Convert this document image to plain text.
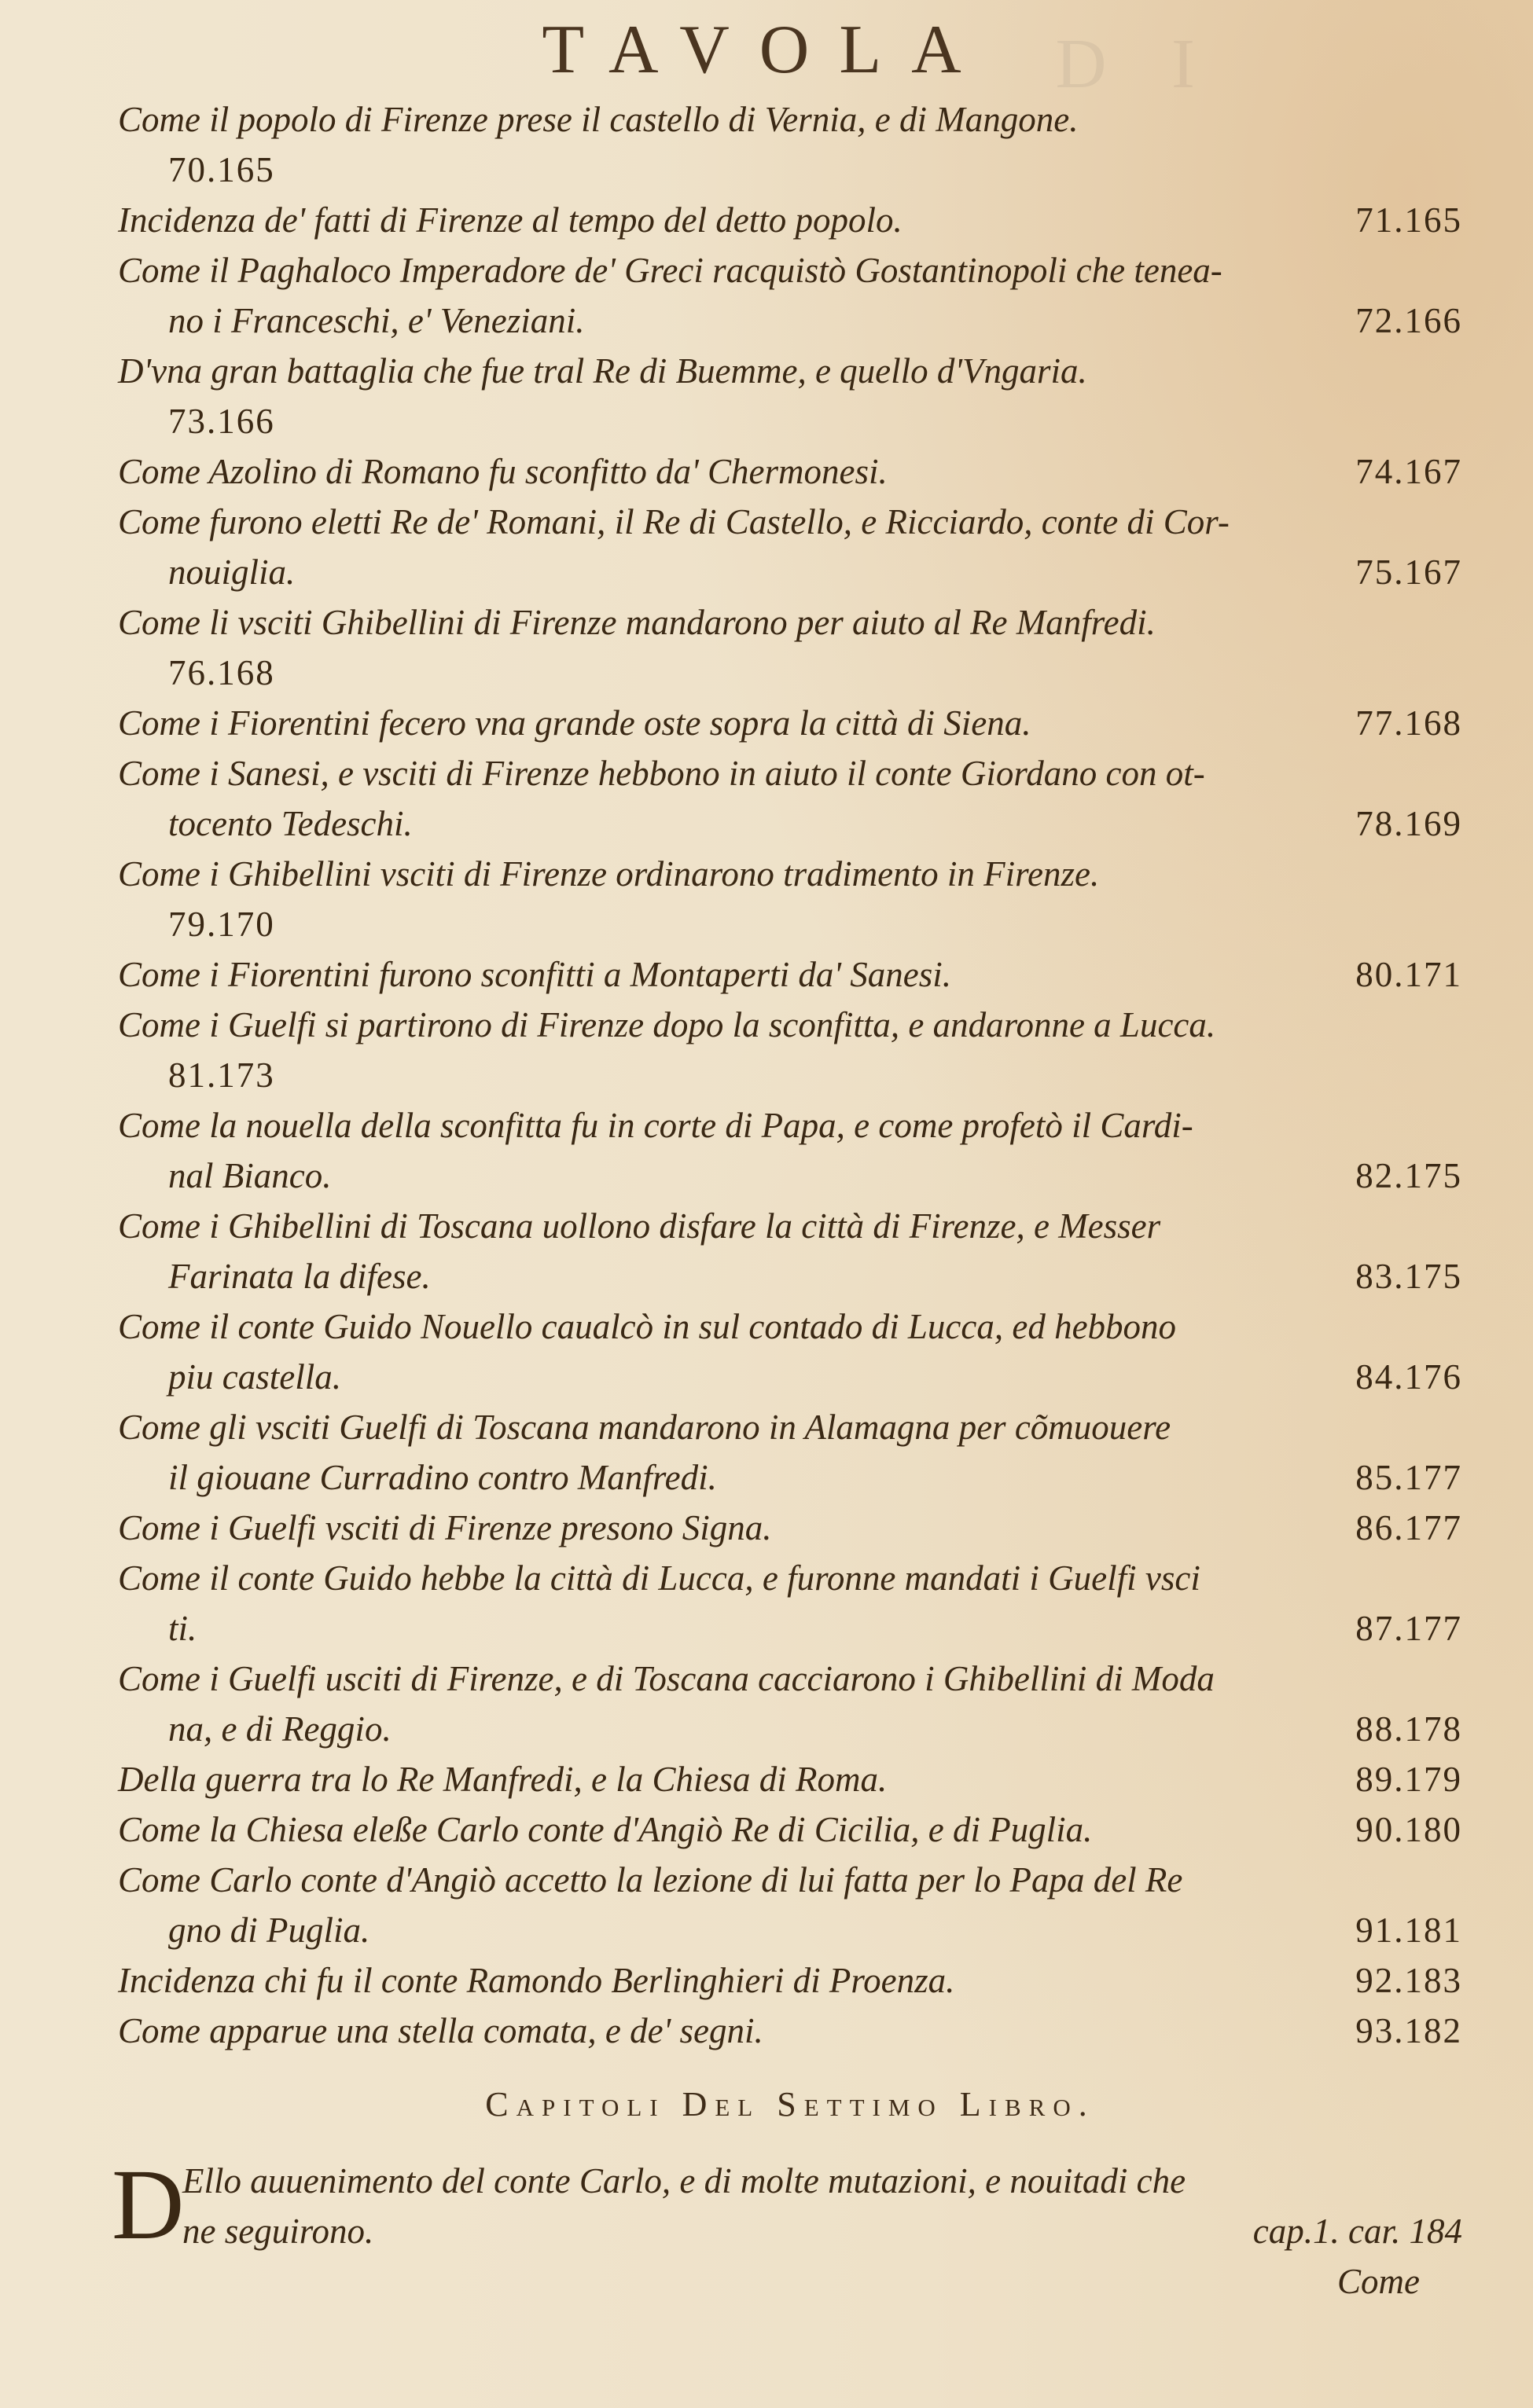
D I
TAVOLA
Come il popolo di Firenze prese il castello di Vernia, e di Mangone.
70.165
Incidenza de' fatti di Firenze al tempo del detto popolo.	71.165
Come il Paghaloco Imperadore de' Greci racquistò Gostantinopoli che tenea-
no i Franceschi, e' Veneziani.	72.166
D'vna gran battaglia che fue tral Re di Buemme, e quello d'Vngaria.
73.166
Come Azolino di Romano fu sconfitto da' Chermonesi.	74.167
Come furono eletti Re de' Romani, il Re di Castello, e Ricciardo, conte di Cor-
nouiglia.	75.167
Come li vsciti Ghibellini di Firenze mandarono per aiuto al Re Manfredi.
76.168
Come i Fiorentini fecero vna grande oste sopra la città di Siena.	77.168
Come i Sanesi, e vsciti di Firenze hebbono in aiuto il conte Giordano con ot-
tocento Tedeschi.	78.169
Come i Ghibellini vsciti di Firenze ordinarono tradimento in Firenze.
79.170
Come i Fiorentini furono sconfitti a Montaperti da' Sanesi.	80.171
Come i Guelfi si partirono di Firenze dopo la sconfitta, e andaronne a Lucca.
81.173
Come la nouella della sconfitta fu in corte di Papa, e come profetò il Cardi-
nal Bianco.	82.175
Come i Ghibellini di Toscana uollono disfare la città di Firenze, e Messer
Farinata la difese.	83.175
Come il conte Guido Nouello caualcò in sul contado di Lucca, ed hebbono
piu castella.	84.176
Come gli vsciti Guelfi di Toscana mandarono in Alamagna per cõmuouere
il giouane Curradino contro Manfredi.	85.177
Come i Guelfi vsciti di Firenze presono Signa.	86.177
Come il conte Guido hebbe la città di Lucca, e furonne mandati i Guelfi vsci
ti.	87.177
Come i Guelfi usciti di Firenze, e di Toscana cacciarono i Ghibellini di Moda
na, e di Reggio.	88.178
Della guerra tra lo Re Manfredi, e la Chiesa di Roma.	89.179
Come la Chiesa eleße Carlo conte d'Angiò Re di Cicilia, e di Puglia.	90.180
Come Carlo conte d'Angiò accetto la lezione di lui fatta per lo Papa del Re
gno di Puglia.	91.181
Incidenza chi fu il conte Ramondo Berlinghieri di Proenza.	92.183
Come apparue una stella comata, e de' segni.	93.182
Capitoli Del Settimo Libro.
D
Ello auuenimento del conte Carlo, e di molte mutazioni, e nouitadi che
ne seguirono.	cap.1. car. 184
Come
